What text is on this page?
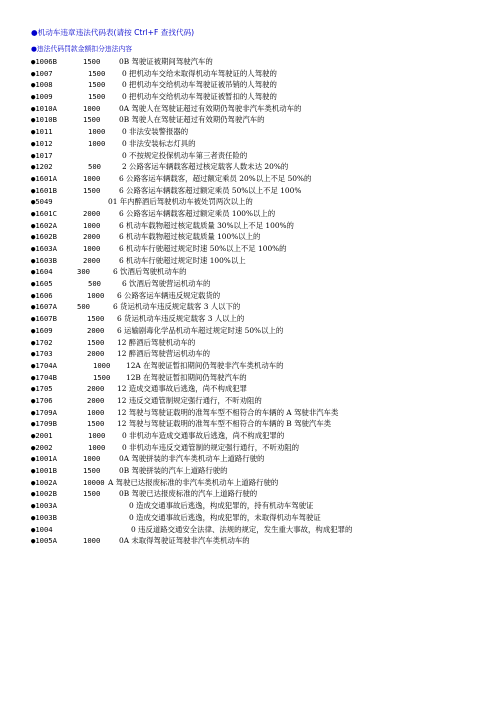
●机动车违章违法代码表(请按 Ctrl+F 查找代码)
●违法代码罚款金额扣分违法内容
●1006B	1500	0B 驾驶证被期间驾驶汽车的
●1007	1500 0 把机动车交给未取得机动车驾驶证的人驾驶的
●1008	1500 0 把机动车交给机动车驾驶证被吊销的人驾驶的
●1009	1500 0 把机动车交给机动车驾驶证被暂扣的人驾驶的
●1010A	1000	0A 驾驶人在驾驶证超过有效期仍驾驶非汽车类机动车的
●1010B	1500	0B 驾驶人在驾驶证超过有效期仍驾驶汽车的
●1011	1000 0 非法安装警报器的
●1012	1000 0 非法安装标志灯具的
●1017	0 不按规定投保机动车第三者责任险的
●1202	500	2 公路客运车辆载客超过核定载客人数未达 20%的
●1601A	1000	6 公路客运车辆载客，超过额定乘员 20%以上不足 50%的
●1601B	1500	6 公路客运车辆载客超过额定乘员 50%以上不足 100%
●5049	01 年内醉酒后驾驶机动车被处罚两次以上的
●1601C	2000	6 公路客运车辆载客超过额定乘员 100%以上的
●1602A	1000	6 机动车载物超过核定载质量 30%以上不足 100%的
●1602B	2000	6 机动车载物超过核定载质量 100%以上的
●1603A	1000	6 机动车行驶超过规定时速 50%以上不足 100%的
●1603B	2000	6 机动车行驶超过规定时速 100%以上
●1604	300	6 饮酒后驾驶机动车的
●1605	500	6 饮酒后驾驶营运机动车的
●1606	1000 6 公路客运车辆违反规定载货的
●1607A	500	6 货运机动车违反规定载客 3 人以下的
●1607B	1500 6 货运机动车违反规定载客 3 人以上的
●1609	2000 6 运输剧毒化学品机动车超过规定时速 50%以上的
●1702	1500 12 醉酒后驾驶机动车的
●1703	2000 12 醉酒后驾驶营运机动车的
●1704A	1000 12A 在驾驶证暂扣期间仍驾驶非汽车类机动车的
●1704B	1500 12B 在驾驶证暂扣期间仍驾驶汽车的
●1705	2000 12 造成交通事故后逃逸，尚不构成犯罪
●1706	2000 12 违反交通管制规定强行通行，不听劝阻的
●1709A	1000 12 驾驶与驾驶证载明的准驾车型不相符合的车辆的 A 驾驶非汽车类
●1709B	1500 12 驾驶与驾驶证载明的准驾车型不相符合的车辆的 B 驾驶汽车类
●2001	1000 0 非机动车造成交通事故后逃逸，尚不构成犯罪的
●2002	1000 0 非机动车违反交通管制的规定强行通行，不听劝阻的
●1001A	1000	0A 驾驶拼装的非汽车类机动车上道路行驶的
●1001B	1500	0B 驾驶拼装的汽车上道路行驶的
●1002A	10000 A 驾驶已达报废标准的非汽车类机动车上道路行驶的
●1002B	1500	0B 驾驶已达报废标准的汽车上道路行驶的
●1003A	0 造成交通事故后逃逸，构成犯罪的，持有机动车驾驶证
●1003B	0 造成交通事故后逃逸，构成犯罪的，未取得机动车驾驶证
●1004	0 违反道路交通安全法律、法规的规定，发生重大事故，构成犯罪的
●1005A	1000	0A 未取得驾驶证驾驶非汽车类机动车的
